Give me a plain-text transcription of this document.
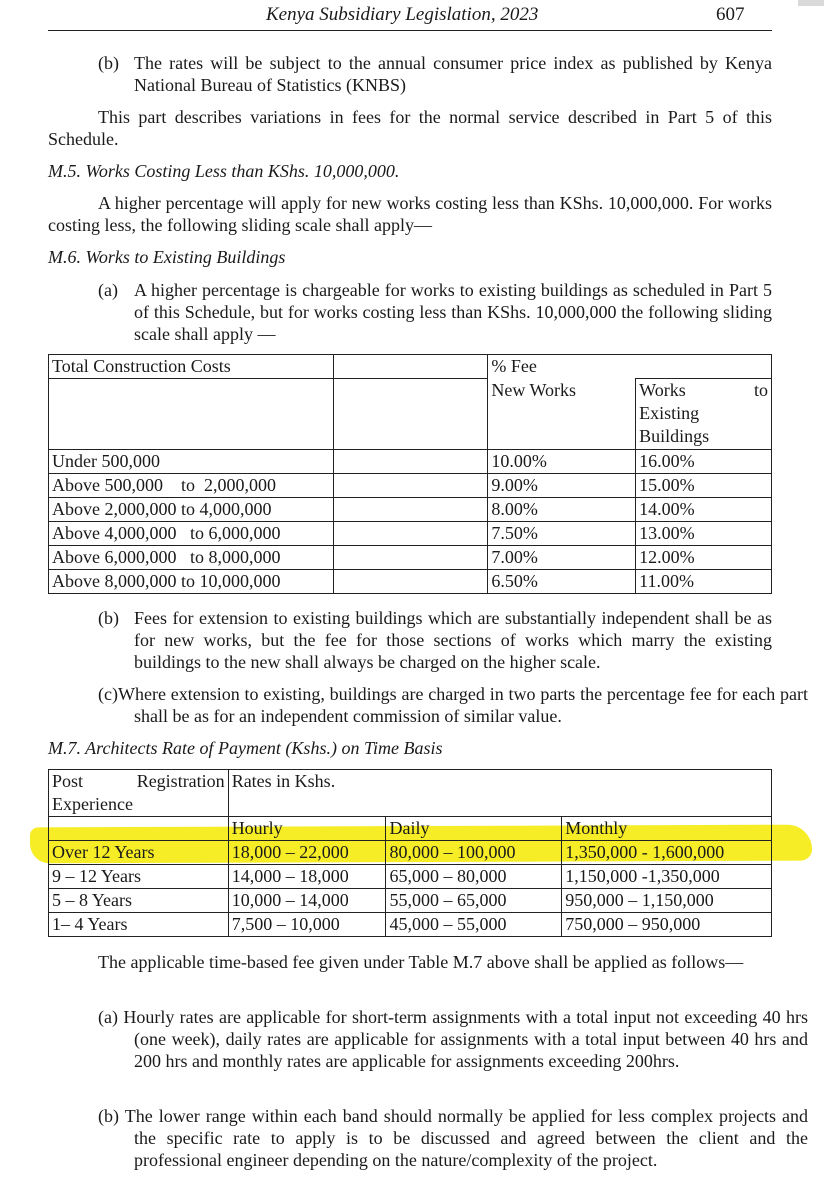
Kenya Subsidiary Legislation, 2023	607
(b) The rates will be subject to the annual consumer price index as published by Kenya National Bureau of Statistics (KNBS)
This part describes variations in fees for the normal service described in Part 5 of this Schedule.
M.5. Works Costing Less than KShs. 10,000,000.
A higher percentage will apply for new works costing less than KShs. 10,000,000. For works costing less, the following sliding scale shall apply—
M.6. Works to Existing Buildings
(a) A higher percentage is chargeable for works to existing buildings as scheduled in Part 5 of this Schedule, but for works costing less than KShs. 10,000,000 the following sliding scale shall apply —
Total Construction Costs		% Fee	
		New Works	Works to
Existing
Buildings

Under 500,000		10.00%	16.00%
Above 500,000    to  2,000,000		9.00%	15.00%
Above 2,000,000 to 4,000,000		8.00%	14.00%
Above 4,000,000   to 6,000,000		7.50%	13.00%
Above 6,000,000   to 8,000,000		7.00%	12.00%
Above 8,000,000 to 10,000,000		6.50%	11.00%
(b) Fees for extension to existing buildings which are substantially independent shall be as for new works, but the fee for those sections of works which marry the existing buildings to the new shall always be charged on the higher scale.
(c)Where extension to existing, buildings are charged in two parts the percentage fee for each part shall be as for an independent commission of similar value.
M.7. Architects Rate of Payment (Kshs.) on Time Basis
Post Registration
Experience	Rates in Kshs.		
	Hourly	Daily	Monthly
Over 12 Years	18,000 – 22,000	80,000 – 100,000	1,350,000 - 1,600,000
9 – 12 Years	14,000 – 18,000	65,000 – 80,000	1,150,000 -1,350,000
5 – 8 Years	10,000 – 14,000	55,000 – 65,000	950,000 – 1,150,000
1– 4 Years	7,500 – 10,000	45,000 – 55,000	750,000 – 950,000
The applicable time-based fee given under Table M.7 above shall be applied as follows—
(a) Hourly rates are applicable for short-term assignments with a total input not exceeding 40 hrs (one week), daily rates are applicable for assignments with a total input between 40 hrs and 200 hrs and monthly rates are applicable for assignments exceeding 200hrs.
(b) The lower range within each band should normally be applied for less complex projects and the specific rate to apply is to be discussed and agreed between the client and the professional engineer depending on the nature/complexity of the project.
